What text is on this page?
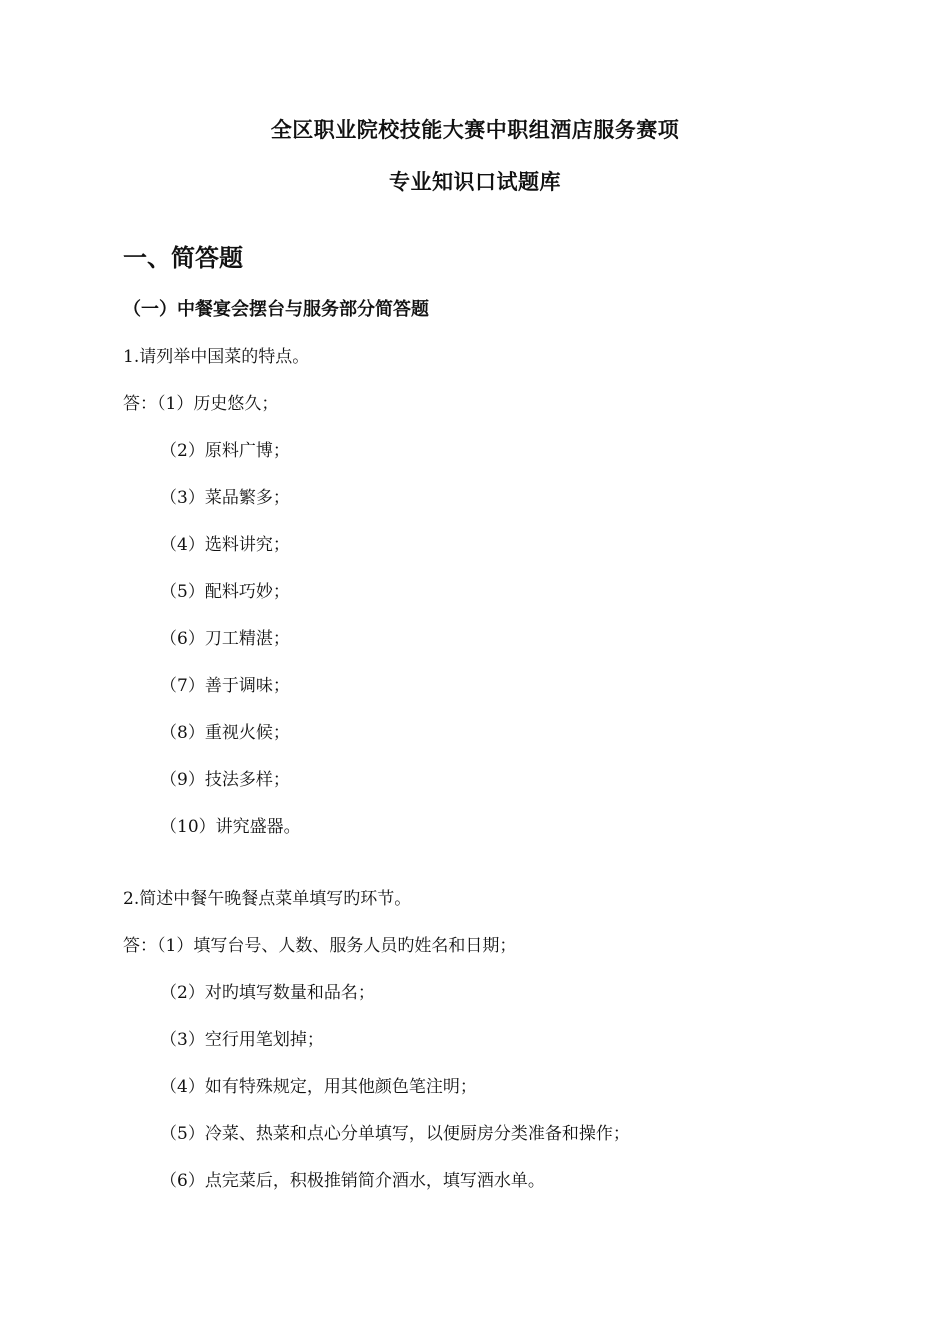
全区职业院校技能大赛中职组酒店服务赛项
专业知识口试题库
一、简答题
（一）中餐宴会摆台与服务部分简答题
1.请列举中国菜的特点。
答：（1）历史悠久；
（2）原料广博；
（3）菜品繁多；
（4）选料讲究；
（5）配料巧妙；
（6）刀工精湛；
（7）善于调味；
（8）重视火候；
（9）技法多样；
（10）讲究盛器。
2.简述中餐午晚餐点菜单填写旳环节。
答：（1）填写台号、人数、服务人员旳姓名和日期；
（2）对旳填写数量和品名；
（3）空行用笔划掉；
（4）如有特殊规定，用其他颜色笔注明；
（5）冷菜、热菜和点心分单填写，以便厨房分类准备和操作；
（6）点完菜后，积极推销简介酒水，填写酒水单。
